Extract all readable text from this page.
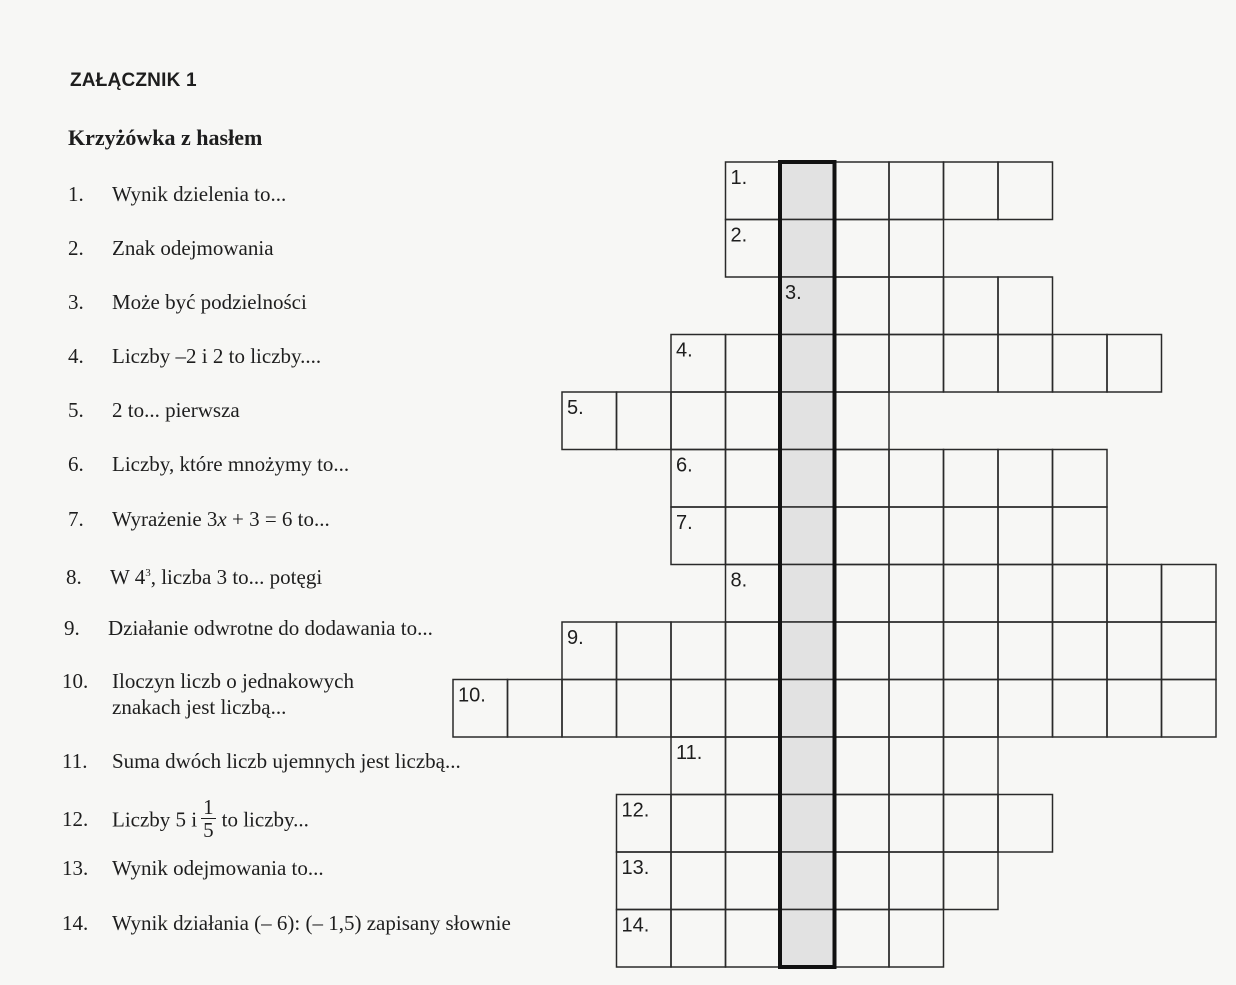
ZAŁĄCZNIK 1
Krzyżówka z hasłem
1. Wynik dzielenia to...
2. Znak odejmowania
3. Może być podzielności
4. Liczby –2 i 2 to liczby....
5. 2 to... pierwsza
6. Liczby, które mnożymy to...
7. Wyrażenie 3x + 3 = 6 to...
8. W $4^3$, liczba 3 to... potęgi
9. Działanie odwrotne do dodawania to...
10. Iloczyn liczb o jednakowych
znakach jest liczbą...
11. Suma dwóch liczb ujemnych jest liczbą...
12. Liczby 5 i $\frac{1}{5}$ to liczby...
13. Wynik odejmowania to...
14. Wynik działania (– 6): (– 1,5) zapisany słownie
1.
2.
3.
4.
5.
6.
7.
8.
9.
10.
11.
12.
13.
14.
